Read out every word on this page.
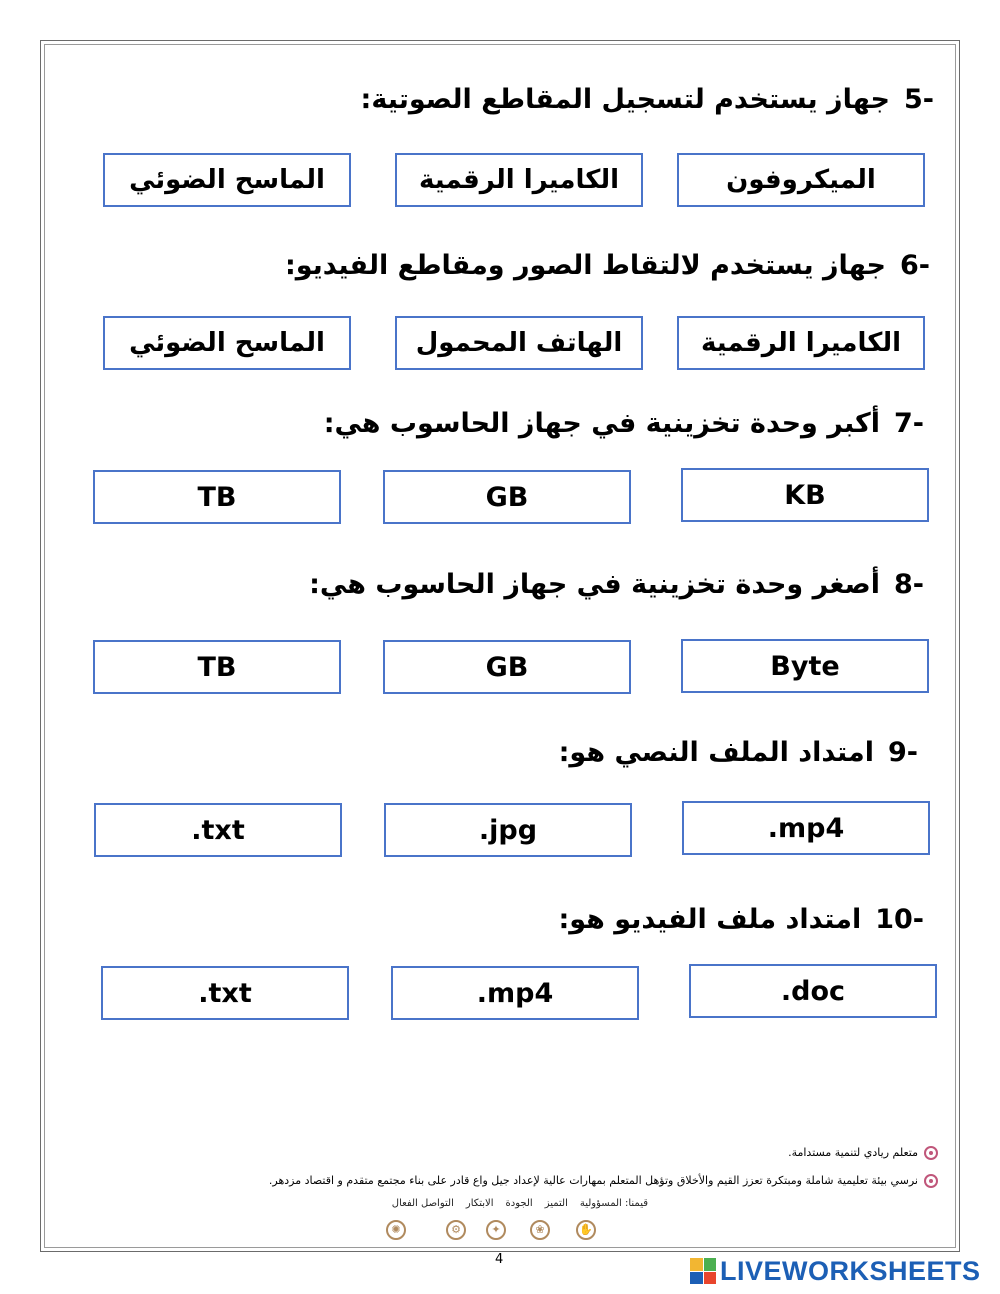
-5جهاز يستخدم لتسجيل المقاطع الصوتية:
الميكروفون
الكاميرا الرقمية
الماسح الضوئي
-6جهاز يستخدم لالتقاط الصور ومقاطع الفيديو:
الكاميرا الرقمية
الهاتف المحمول
الماسح الضوئي
-7أكبر وحدة تخزينية في جهاز الحاسوب هي:
KB
GB
TB
-8أصغر وحدة تخزينية في جهاز الحاسوب هي:
Byte
GB
TB
-9امتداد الملف النصي هو:
.mp4
.jpg
.txt
-10امتداد ملف الفيديو هو:
.doc
.mp4
.txt
متعلم ريادي لتنمية مستدامة.
نرسي بيئة تعليمية شاملة ومبتكرة تعزز القيم والأخلاق وتؤهل المتعلم بمهارات عالية لإعداد جيل واع قادر على بناء مجتمع متقدم و اقتصاد مزدهر.
قيمنا: المسؤوليةالتميزالجودةالابتكارالتواصل الفعال
✺	⚙	✦	❀	✋
4	LIVEWORKSHEETS
